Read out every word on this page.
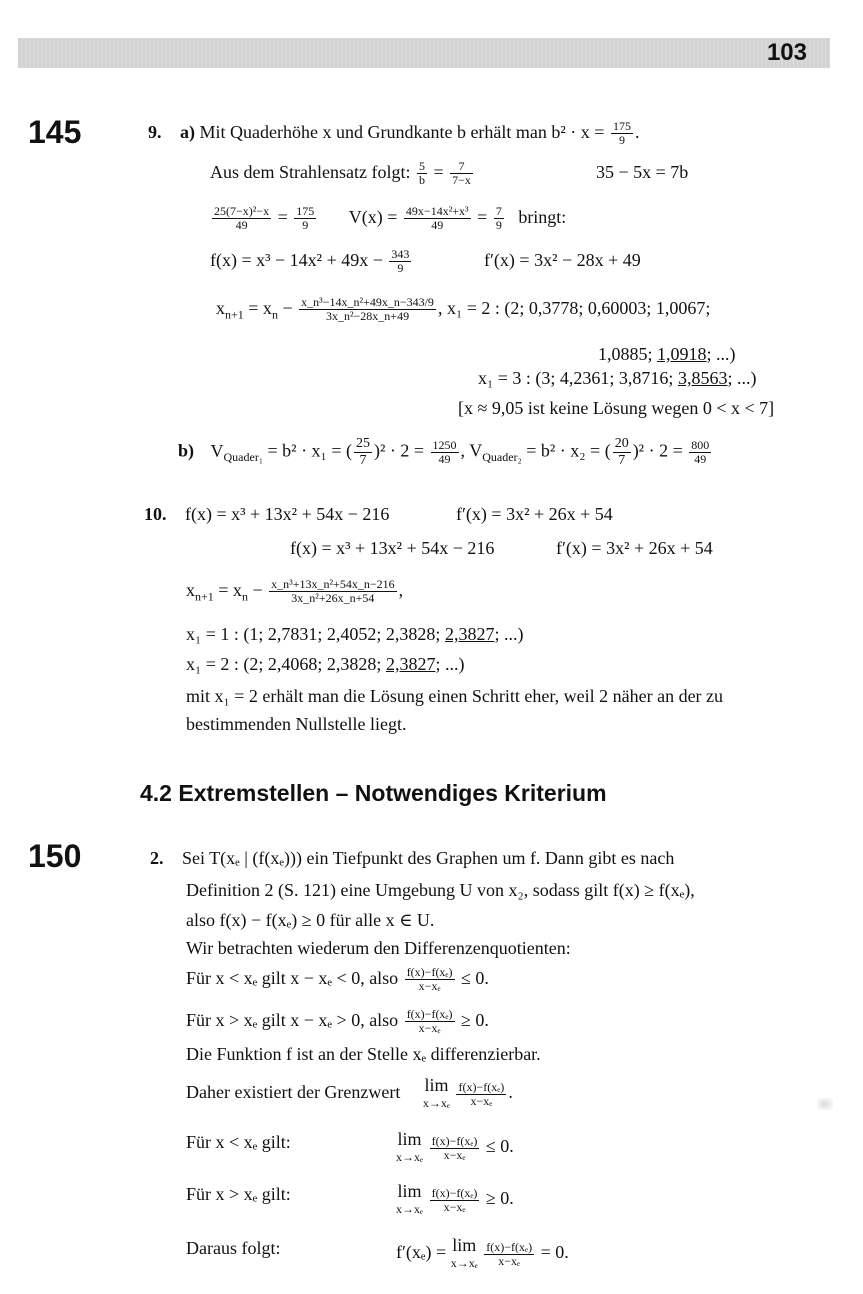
103
145
150
9. a) Mit Quaderhöhe x und Grundkante b erhält man $b^2 \cdot x = \frac{175}{9}$ .
Aus dem Strahlensatz folgt: $\frac{5}{b} = \frac{7}{7-x}$	35 − 5x = 7b
$\frac{\text{25(7−x)²−x}}{49} = \frac{175}{9} V(x) = \frac{\text{49x−14x²+x³}}{49} = \frac{7}{9}$ bringt:
$f(x) = x^3 - 14x^2 + 49x - \frac{343}{9}$	f′(x) = 3x² − 28x + 49
$x_{n+1} = x_n - \frac{\text{x\_n³−14x\_n²+49x\_n−343/9}}{\text{3x\_n²−28x\_n+49}}$ , x₁ = 2 : (2; 0,3778; 0,60003; 1,0067;
1,0885; 1,0918; ...)
x₁ = 3 : (3; 4,2361; 3,8716; 3,8563; ...)
[x ≈ 9,05 ist keine Lösung wegen 0 < x < 7]
b) $V_{Quader_1} = b^2 \cdot x_1$ = ( $\frac{25}{7} )^2 \cdot 2 = \frac{1250}{49}$ , $V_{Quader_2} = b^2 \cdot x_2$ = ( $\frac{20}{7} )^2 \cdot 2 = \frac{800}{49}$
10. f(x) = x³ + 13x² + 54x − 216	f′(x) = 3x² + 26x + 54
f(x) = x³ + 13x² + 54x − 216	f′(x) = 3x² + 26x + 54
$x_{n+1} = x_n - \frac{\text{x\_n³+13x\_n²+54x\_n−216}}{\text{3x\_n²+26x\_n+54}}$ ,
x₁ = 1 : (1; 2,7831; 2,4052; 2,3828; 2,3827; ...)
x₁ = 2 : (2; 2,4068; 2,3828; 2,3827; ...)
mit x₁ = 2 erhält man die Lösung einen Schritt eher, weil 2 näher an der zu
bestimmenden Nullstelle liegt.
4.2 Extremstellen – Notwendiges Kriterium
2. Sei T(xₑ | (f(xₑ))) ein Tiefpunkt des Graphen um f. Dann gibt es nach
Definition 2 (S. 121) eine Umgebung U von x₂, sodass gilt f(x) ≥ f(xₑ),
also f(x) − f(xₑ) ≥ 0 für alle x ∈ U.
Wir betrachten wiederum den Differenzenquotienten:
Für x < xₑ gilt x − xₑ < 0, also $\frac{\text{f(x)−f(xₑ)}}{\text{x−xₑ}} \le 0$.
Für x > xₑ gilt x − xₑ > 0, also $\frac{\text{f(x)−f(xₑ)}}{\text{x−xₑ}} \ge 0$.
Die Funktion f ist an der Stelle xₑ differenzierbar.
Daher existiert der Grenzwert lim
x→xₑ
$\frac{\text{f(x)−f(xₑ)}}{\text{x−xₑ}}$ .
Für x < xₑ gilt:	lim
x→xₑ
$\frac{\text{f(x)−f(xₑ)}}{\text{x−xₑ}} \le 0$.
Für x > xₑ gilt:	lim
x→xₑ
$\frac{\text{f(x)−f(xₑ)}}{\text{x−xₑ}} \ge 0$.
Daraus folgt:	f′(xₑ) = lim
x→xₑ
$\frac{\text{f(x)−f(xₑ)}}{\text{x−xₑ}} = 0$.
